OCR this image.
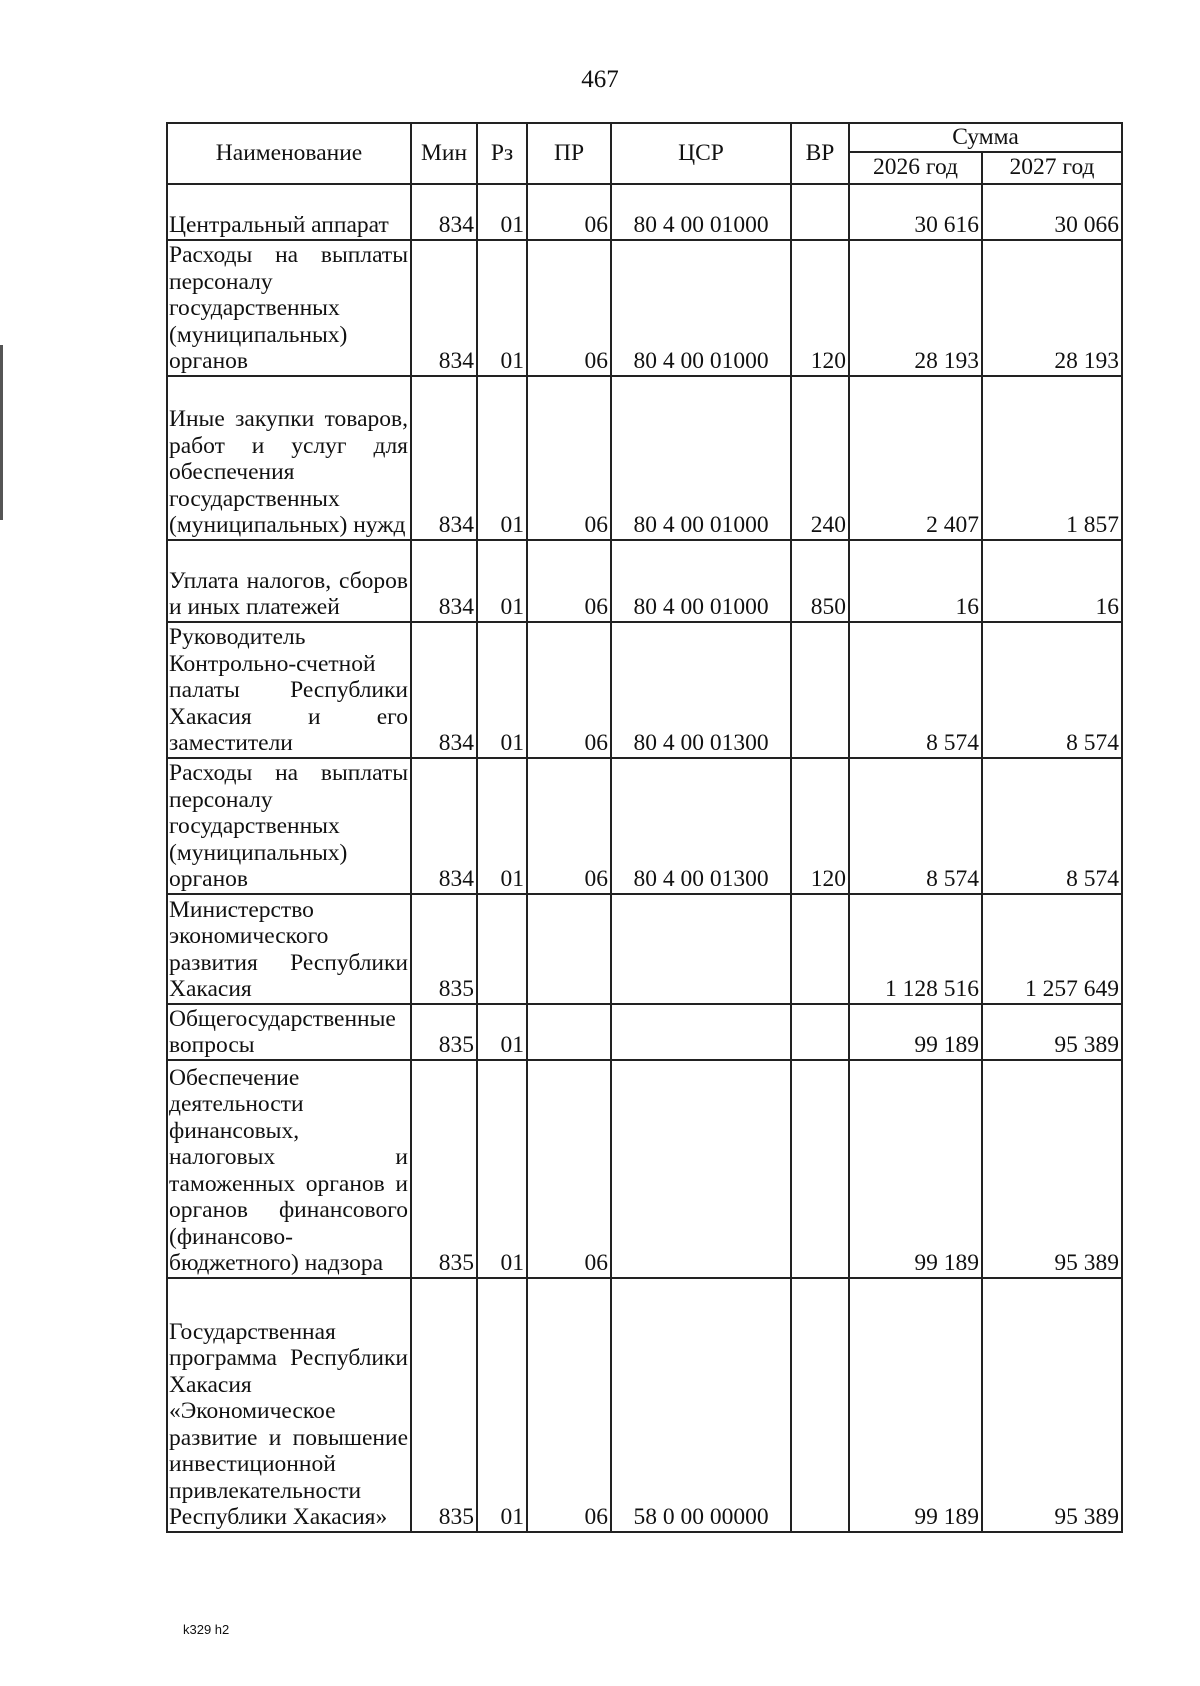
467
Наименование	Мин	Рз	ПР	ЦСР	ВР	Сумма	
						2026 год	2027 год
Центральный аппарат	834	01	06	80 4 00 01000		30 616	30 066
Расходы на выплаты персоналу государственных (муниципальных) органов	834	01	06	80 4 00 01000	120	28 193	28 193
Иные закупки товаров, работ и услуг для обеспечения государственных (муниципальных) нужд	834	01	06	80 4 00 01000	240	2 407	1 857
Уплата налогов, сборов и иных платежей	834	01	06	80 4 00 01000	850	16	16
Руководитель Контрольно-счетной палаты Республики Хакасия и его заместители	834	01	06	80 4 00 01300		8 574	8 574
Расходы на выплаты персоналу государственных (муниципальных) органов	834	01	06	80 4 00 01300	120	8 574	8 574
Министерство экономического развития Республики Хакасия	835					1 128 516	1 257 649
Общегосударственные вопросы	835	01				99 189	95 389
Обеспечение деятельности финансовых, налоговых и таможенных органов и органов финансового (финансово-бюджетного) надзора	835	01	06			99 189	95 389
Государственная программа Республики Хакасия «Экономическое развитие и повышение инвестиционной привлекательности Республики Хакасия»	835	01	06	58 0 00 00000		99 189	95 389
k329 h2
